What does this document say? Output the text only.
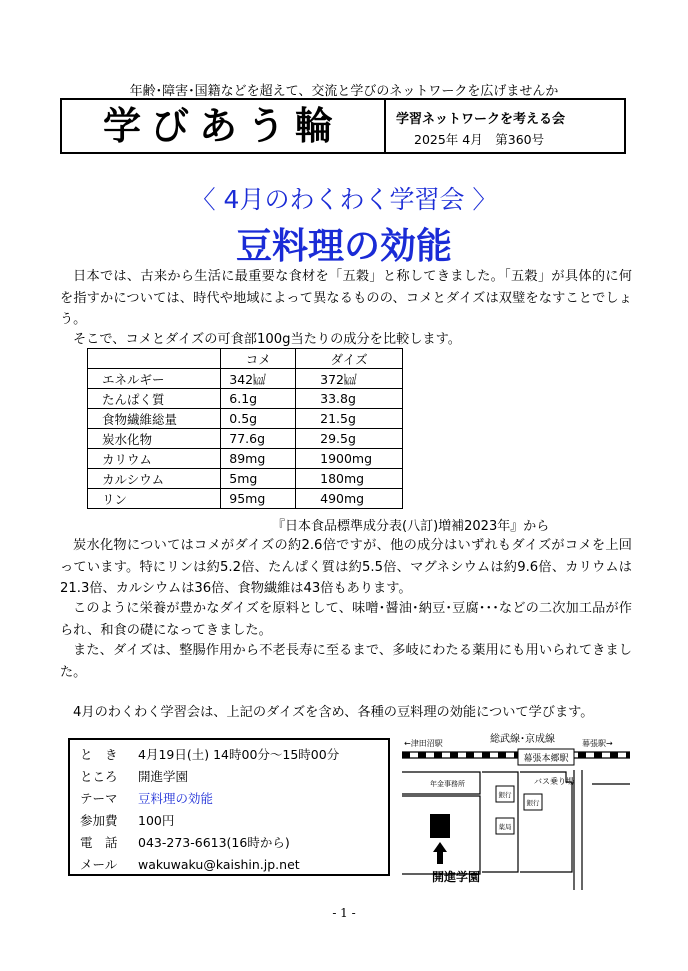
年齢･障害･国籍などを超えて、交流と学びのネットワークを広げませんか
学びあう輪	学習ネットワークを考える会
2025年 4月　第360号
〈 4月のわくわく学習会 〉
豆料理の効能
日本では、古来から生活に最重要な食材を「五穀」と称してきました。「五穀」が具体的に何を指すかについては、時代や地域によって異なるものの、コメとダイズは双璧をなすことでしょう。
そこで、コメとダイズの可食部100g当たりの成分を比較します。
	コメ	ダイズ
エネルギー	342㎉	372㎉
たんぱく質	6.1g	33.8g
食物繊維総量	0.5g	21.5g
炭水化物	77.6g	29.5g
カリウム	89mg	1900mg
カルシウム	5mg	180mg
リン	95mg	490mg
『日本食品標準成分表(八訂)増補2023年』から
炭水化物についてはコメがダイズの約2.6倍ですが、他の成分はいずれもダイズがコメを上回っています。特にリンは約5.2倍、たんぱく質は約5.5倍、マグネシウムは約9.6倍、カリウムは21.3倍、カルシウムは36倍、食物繊維は43倍もあります。
このように栄養が豊かなダイズを原料として、味噌･醤油･納豆･豆腐･･･などの二次加工品が作られ、和食の礎になってきました。
また、ダイズは、整腸作用から不老長寿に至るまで、多岐にわたる薬用にも用いられてきました。
4月のわくわく学習会は、上記のダイズを含め、各種の豆料理の効能について学びます。
と　き 4月19日(土) 14時00分～15時00分
ところ 開進学園
テーマ 豆料理の効能
参加費 100円
電　話 043-273-6613(16時から)
メール wakuwaku@kaishin.jp.net
←津田沼駅	総武線･京成線	幕張駅→
幕張本郷駅
バス乗り場
年金事務所
銀行
銀行
薬局
開進学園
- 1 -
